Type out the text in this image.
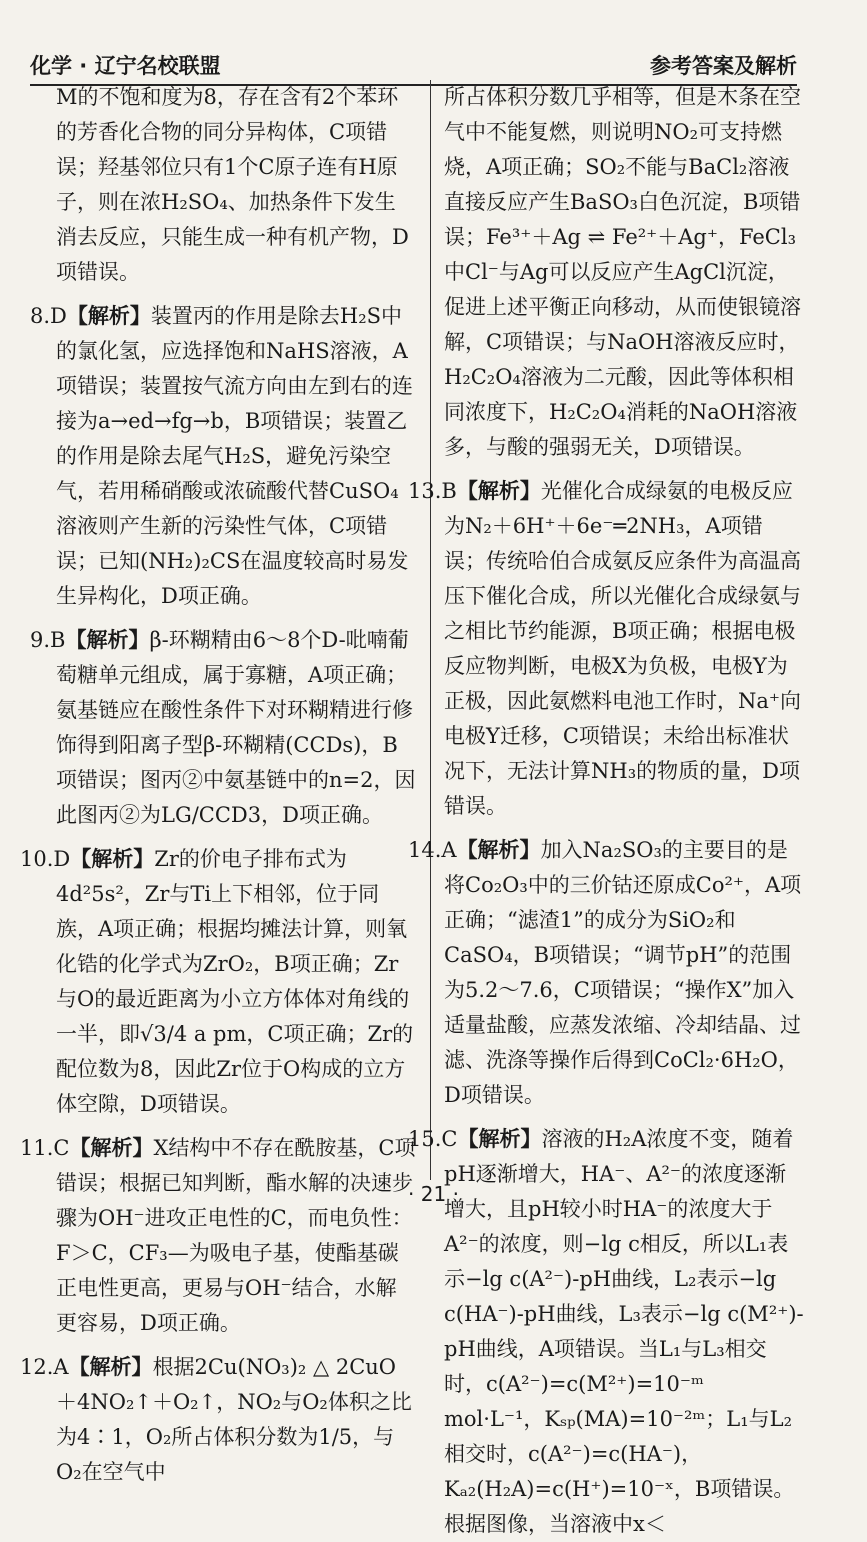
化学 · 辽宁名校联盟	参考答案及解析

M的不饱和度为8，存在含有2个苯环的芳香化合物的同分异构体，C项错误；羟基邻位只有1个C原子连有H原子，则在浓H₂SO₄、加热条件下发生消去反应，只能生成一种有机产物，D项错误。

8.D【解析】装置丙的作用是除去H₂S中的氯化氢，应选择饱和NaHS溶液，A项错误；装置按气流方向由左到右的连接为a→ed→fg→b，B项错误；装置乙的作用是除去尾气H₂S，避免污染空气，若用稀硝酸或浓硫酸代替CuSO₄溶液则产生新的污染性气体，C项错误；已知(NH₂)₂CS在温度较高时易发生异构化，D项正确。

9.B【解析】β-环糊精由6～8个D-吡喃葡萄糖单元组成，属于寡糖，A项正确；氨基链应在酸性条件下对环糊精进行修饰得到阳离子型β-环糊精(CCDs)，B项错误；图丙②中氨基链中的n=2，因此图丙②为LG/CCD3，D项正确。

10.D【解析】Zr的价电子排布式为4d²5s²，Zr与Ti上下相邻，位于同族，A项正确；根据均摊法计算，则氧化锆的化学式为ZrO₂，B项正确；Zr与O的最近距离为小立方体体对角线的一半，即√3/4 a pm，C项正确；Zr的配位数为8，因此Zr位于O构成的立方体空隙，D项错误。

11.C【解析】X结构中不存在酰胺基，C项错误；根据已知判断，酯水解的决速步骤为OH⁻进攻正电性的C，而电负性：F＞C，CF₃—为吸电子基，使酯基碳正电性更高，更易与OH⁻结合，水解更容易，D项正确。

12.A【解析】根据2Cu(NO₃)₂ △ 2CuO＋4NO₂↑＋O₂↑，NO₂与O₂体积之比为4∶1，O₂所占体积分数为1/5，与O₂在空气中

所占体积分数几乎相等，但是木条在空气中不能复燃，则说明NO₂可支持燃烧，A项正确；SO₂不能与BaCl₂溶液直接反应产生BaSO₃白色沉淀，B项错误；Fe³⁺＋Ag ⇌ Fe²⁺＋Ag⁺，FeCl₃中Cl⁻与Ag可以反应产生AgCl沉淀，促进上述平衡正向移动，从而使银镜溶解，C项错误；与NaOH溶液反应时，H₂C₂O₄溶液为二元酸，因此等体积相同浓度下，H₂C₂O₄消耗的NaOH溶液多，与酸的强弱无关，D项错误。

13.B【解析】光催化合成绿氨的电极反应为N₂＋6H⁺＋6e⁻═2NH₃，A项错误；传统哈伯合成氨反应条件为高温高压下催化合成，所以光催化合成绿氨与之相比节约能源，B项正确；根据电极反应物判断，电极X为负极，电极Y为正极，因此氨燃料电池工作时，Na⁺向电极Y迁移，C项错误；未给出标准状况下，无法计算NH₃的物质的量，D项错误。

14.A【解析】加入Na₂SO₃的主要目的是将Co₂O₃中的三价钴还原成Co²⁺，A项正确；“滤渣1”的成分为SiO₂和CaSO₄，B项错误；“调节pH”的范围为5.2～7.6，C项错误；“操作X”加入适量盐酸，应蒸发浓缩、冷却结晶、过滤、洗涤等操作后得到CoCl₂·6H₂O，D项错误。

15.C【解析】溶液的H₂A浓度不变，随着pH逐渐增大，HA⁻、A²⁻的浓度逐渐增大，且pH较小时HA⁻的浓度大于A²⁻的浓度，则−lg c相反，所以L₁表示−lg c(A²⁻)-pH曲线，L₂表示−lg c(HA⁻)-pH曲线，L₃表示−lg c(M²⁺)-pH曲线，A项错误。当L₁与L₃相交时，c(A²⁻)=c(M²⁺)=10⁻ᵐ mol·L⁻¹，Kₛₚ(MA)=10⁻²ᵐ；L₁与L₂相交时，c(A²⁻)=c(HA⁻)，Kₐ₂(H₂A)=c(H⁺)=10⁻ˣ，B项错误。根据图像，当溶液中x＜

· 21 ·
